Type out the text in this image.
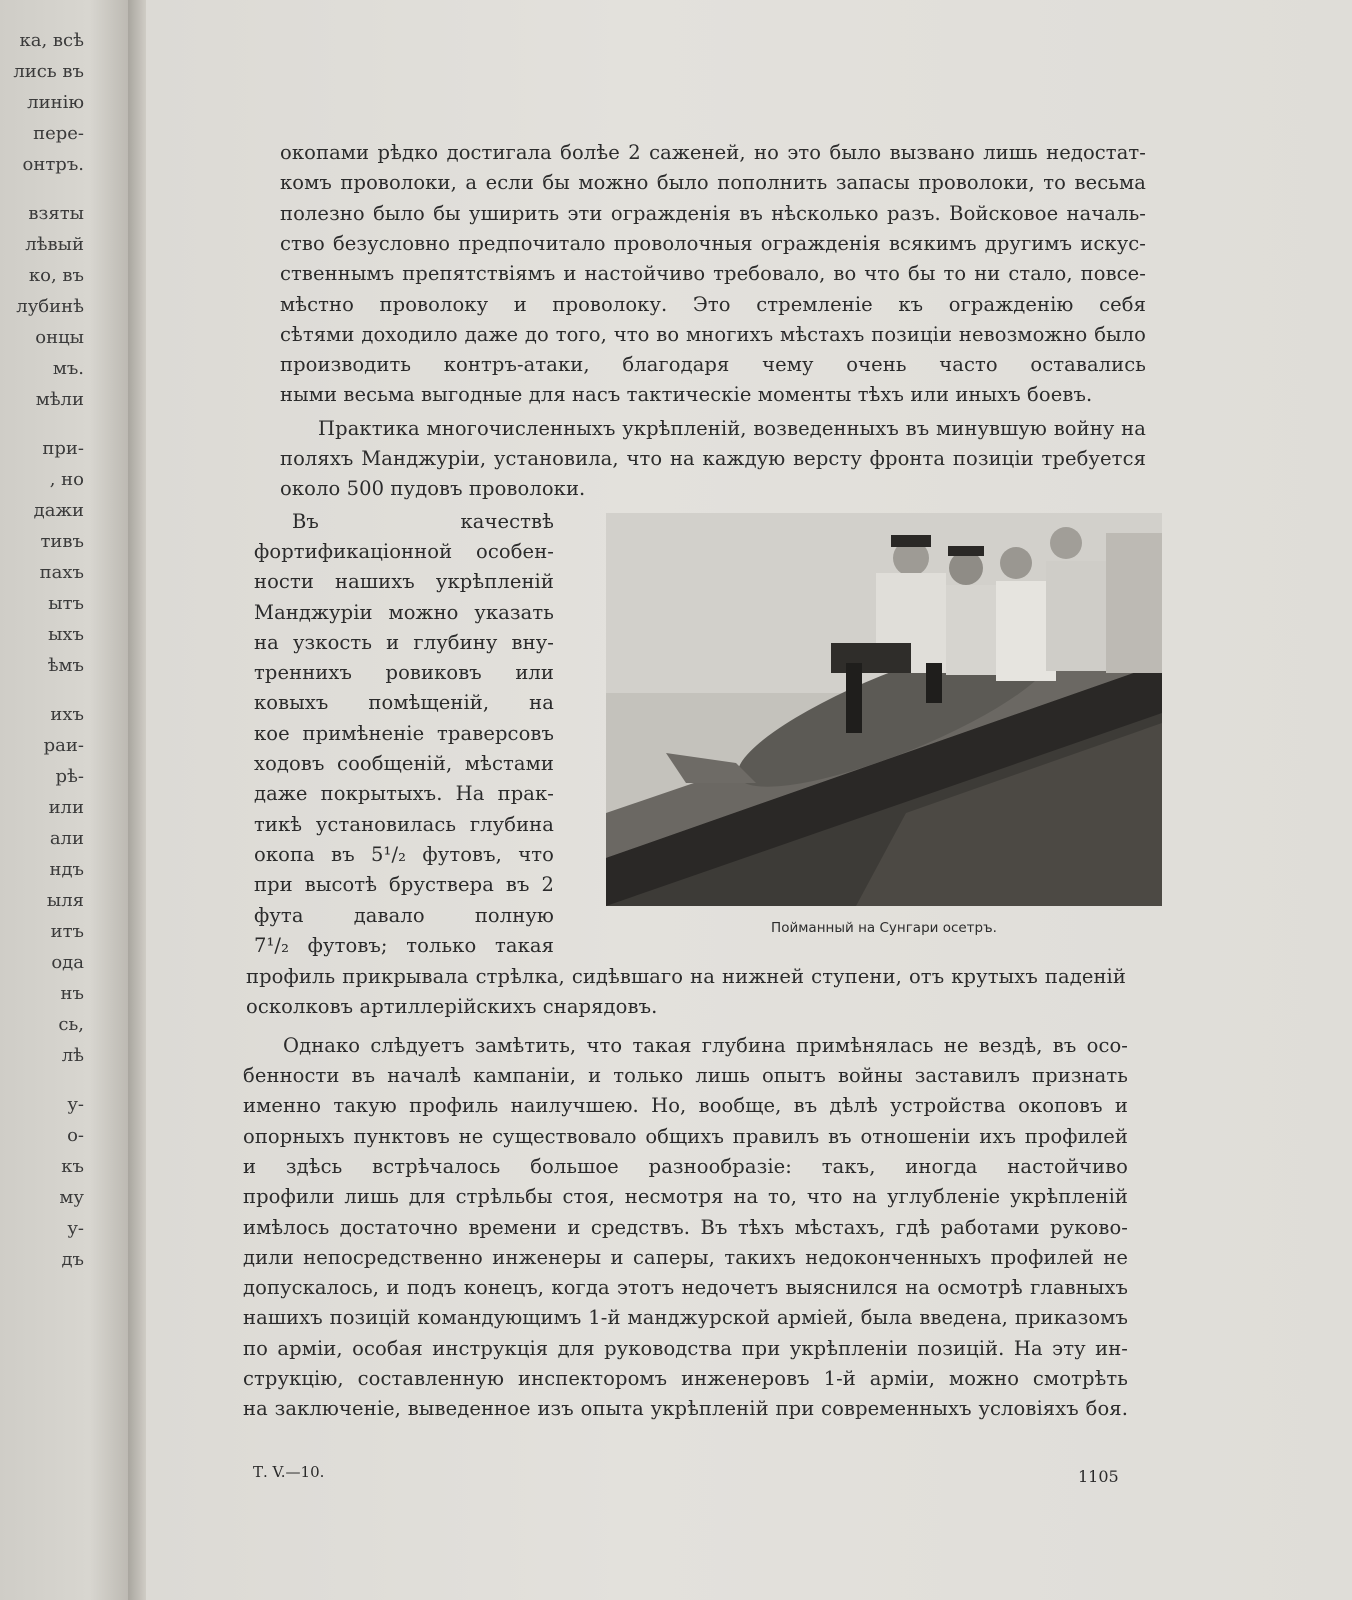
ка, всѣ
лись въ
линію
пере-
онтръ.
взяты
лѣвый
ко, въ
лубинѣ
онцы
мъ.
мѣли
при-
, но
дажи
тивъ
пахъ
ытъ
ыхъ
ѣмъ
ихъ
раи-
рѣ-
или
али
ндъ
ыля
итъ
ода
нъ
сь,
лѣ
у-
о-
къ
му
у-
дъ
окопами рѣдко достигала болѣе 2 саженей, но это было вызвано лишь недостат-
комъ проволоки, а если бы можно было пополнить запасы проволоки, то весьма
полезно было бы уширить эти огражденія въ нѣсколько разъ. Войсковое началь-
ство безусловно предпочитало проволочныя огражденія всякимъ другимъ искус-
ственнымъ препятствіямъ и настойчиво требовало, во что бы то ни стало, повсе-
мѣстно проволоку и проволоку. Это стремленіе къ огражденію себя
сѣтями доходило даже до того, что во многихъ мѣстахъ позиціи невозможно было
производить контръ-атаки, благодаря чему очень часто оставались
ными весьма выгодные для насъ тактическіе моменты тѣхъ или иныхъ боевъ.
Практика многочисленныхъ укрѣпленій, возведенныхъ въ минувшую войну на
поляхъ Манджуріи, установила, что на каждую версту фронта позиціи требуется
около 500 пудовъ проволоки.
Въ качествѣ
фортификаціонной особен-
ности нашихъ укрѣпленій
Манджуріи можно указать
на узкость и глубину вну-
треннихъ ровиковъ или
ковыхъ помѣщеній, на
кое примѣненіе траверсовъ
ходовъ сообщеній, мѣстами
даже покрытыхъ. На прак-
тикѣ установилась глубина
окопа въ 5¹/₂ футовъ, что
при высотѣ бруствера въ 2
фута давало полную
7¹/₂ футовъ; только такая
профиль прикрывала стрѣлка, сидѣвшаго на нижней ступени, отъ крутыхъ паденій
осколковъ артиллерійскихъ снарядовъ.
Однако слѣдуетъ замѣтить, что такая глубина примѣнялась не вездѣ, въ осо-
бенности въ началѣ кампаніи, и только лишь опытъ войны заставилъ признать
именно такую профиль наилучшею. Но, вообще, въ дѣлѣ устройства окоповъ и
опорныхъ пунктовъ не существовало общихъ правилъ въ отношеніи ихъ профилей
и здѣсь встрѣчалось большое разнообразіе: такъ, иногда настойчиво
профили лишь для стрѣльбы стоя, несмотря на то, что на углубленіе укрѣпленій
имѣлось достаточно времени и средствъ. Въ тѣхъ мѣстахъ, гдѣ работами руково-
дили непосредственно инженеры и саперы, такихъ недоконченныхъ профилей не
допускалось, и подъ конецъ, когда этотъ недочетъ выяснился на осмотрѣ главныхъ
нашихъ позицій командующимъ 1-й манджурской арміей, была введена, приказомъ
по арміи, особая инструкція для руководства при укрѣпленіи позицій. На эту ин-
струкцію, составленную инспекторомъ инженеровъ 1-й арміи, можно смотрѣть
на заключеніе, выведенное изъ опыта укрѣпленій при современныхъ условіяхъ боя.
Пойманный на Сунгари осетръ.
Т. V.—10.	1105
